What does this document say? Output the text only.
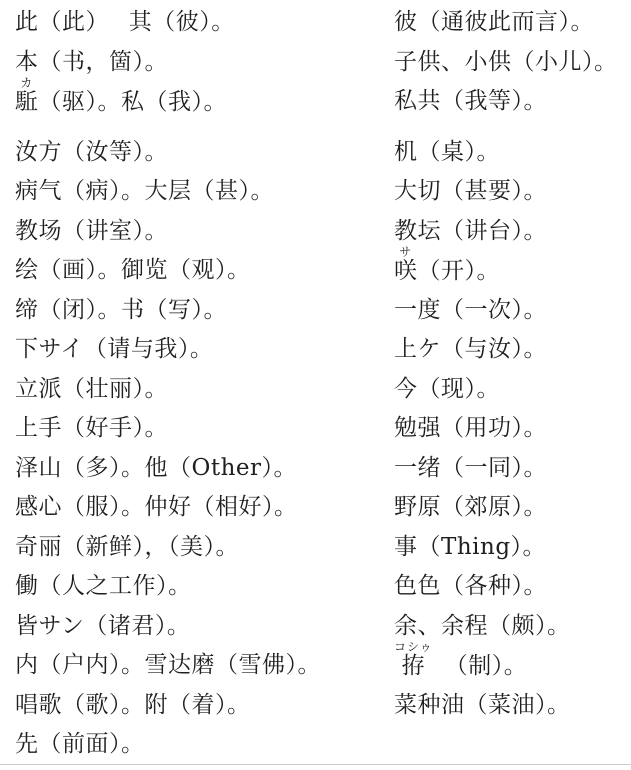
此（此）　 其（彼）。
本（书，箇）。
カ
駈 （驱）。私（我）。
汝方（汝等）。
病气（病）。大层（甚）。
教场（讲室）。
绘（画）。御览（观）。
缔（闭）。书（写）。
下サイ（请与我）。
立派（壮丽）。
上手（好手）。
泽山（多）。他（Other）。
感心（服）。仲好（相好）。
奇丽（新鲜），（美）。
働（人之工作）。
皆サン（诸君）。
内（户内）。雪达磨（雪佛）。
唱歌（歌）。附（着）。
先（前面）。
彼（通彼此而言）。
子供、小供（小儿）。
私共（我等）。
机（桌）。
大切（甚要）。
教坛（讲台）。
サ
咲 （开）。
一度（一次）。
上ケ（与汝）。
今（现）。
勉强（用功）。
一绪（一同）。
野原（郊原）。
事（Thing）。
色色（各种）。
余、余程（颇）。
コシゥ
拵 　（制）。
菜种油（菜油）。
